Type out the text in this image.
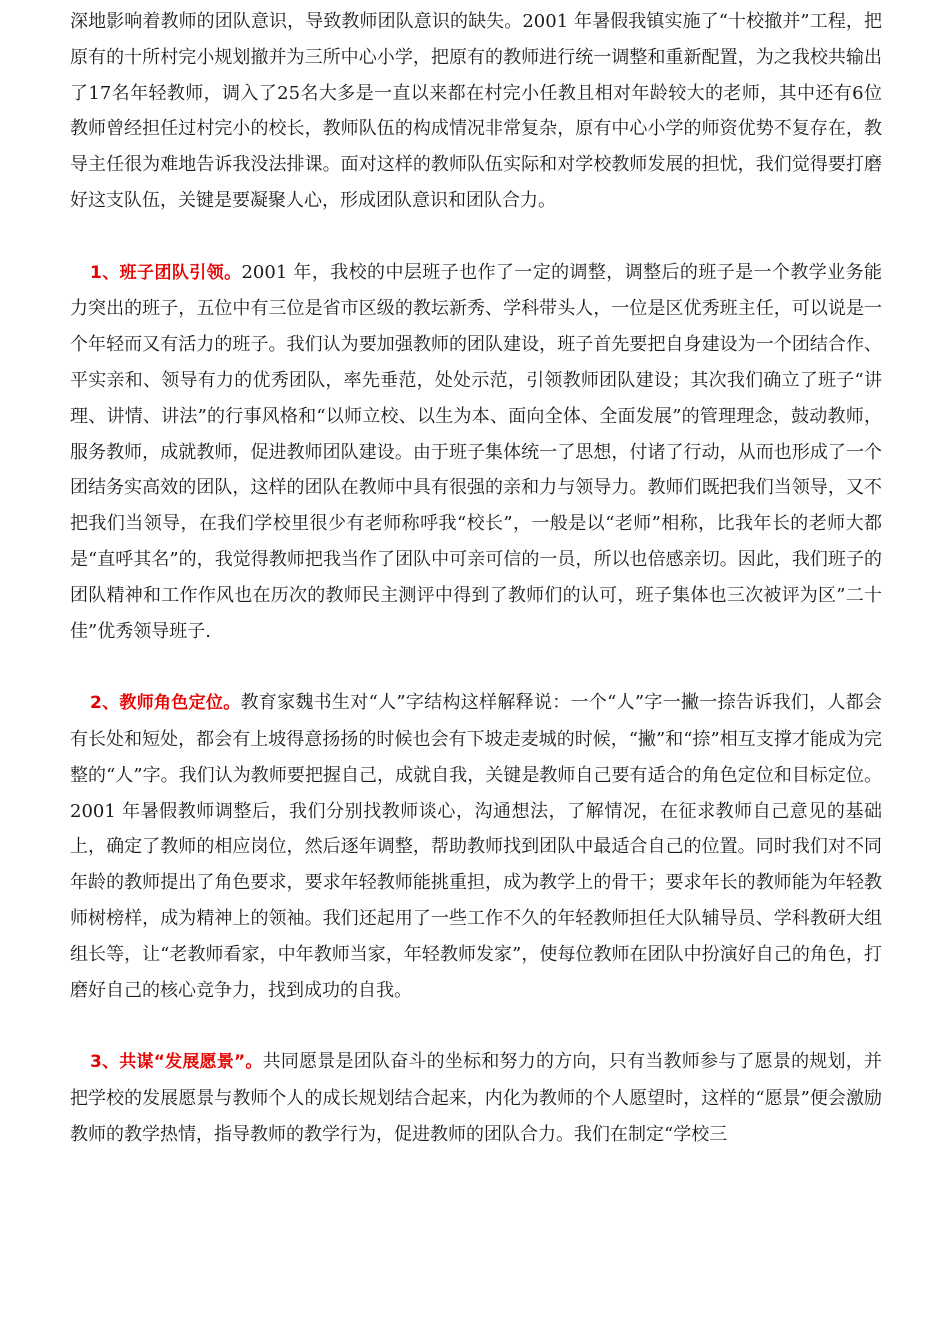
深地影响着教师的团队意识，导致教师团队意识的缺失。2001 年暑假我镇实施了“十校撤并”工程，把原有的十所村完小规划撤并为三所中心小学，把原有的教师进行统一调整和重新配置，为之我校共输出了17名年轻教师，调入了25名大多是一直以来都在村完小任教且相对年龄较大的老师，其中还有6位教师曾经担任过村完小的校长，教师队伍的构成情况非常复杂，原有中心小学的师资优势不复存在，教导主任很为难地告诉我没法排课。面对这样的教师队伍实际和对学校教师发展的担忧，我们觉得要打磨好这支队伍，关键是要凝聚人心，形成团队意识和团队合力。

1、班子团队引领。2001 年，我校的中层班子也作了一定的调整，调整后的班子是一个教学业务能力突出的班子，五位中有三位是省市区级的教坛新秀、学科带头人，一位是区优秀班主任，可以说是一个年轻而又有活力的班子。我们认为要加强教师的团队建设，班子首先要把自身建设为一个团结合作、平实亲和、领导有力的优秀团队，率先垂范，处处示范，引领教师团队建设；其次我们确立了班子“讲理、讲情、讲法”的行事风格和“以师立校、以生为本、面向全体、全面发展”的管理理念，鼓动教师，服务教师，成就教师，促进教师团队建设。由于班子集体统一了思想，付诸了行动，从而也形成了一个团结务实高效的团队，这样的团队在教师中具有很强的亲和力与领导力。教师们既把我们当领导，又不把我们当领导，在我们学校里很少有老师称呼我“校长”，一般是以“老师”相称，比我年长的老师大都是“直呼其名”的，我觉得教师把我当作了团队中可亲可信的一员，所以也倍感亲切。因此，我们班子的团队精神和工作作风也在历次的教师民主测评中得到了教师们的认可，班子集体也三次被评为区”二十佳”优秀领导班子.

2、教师角色定位。教育家魏书生对“人”字结构这样解释说：一个“人”字一撇一捺告诉我们，人都会有长处和短处，都会有上坡得意扬扬的时候也会有下坡走麦城的时候，“撇”和“捺”相互支撑才能成为完整的“人”字。我们认为教师要把握自己，成就自我，关键是教师自己要有适合的角色定位和目标定位。2001 年暑假教师调整后，我们分别找教师谈心，沟通想法，了解情况，在征求教师自己意见的基础上，确定了教师的相应岗位，然后逐年调整，帮助教师找到团队中最适合自己的位置。同时我们对不同年龄的教师提出了角色要求，要求年轻教师能挑重担，成为教学上的骨干；要求年长的教师能为年轻教师树榜样，成为精神上的领袖。我们还起用了一些工作不久的年轻教师担任大队辅导员、学科教研大组组长等，让“老教师看家，中年教师当家，年轻教师发家”，使每位教师在团队中扮演好自己的角色，打磨好自己的核心竞争力，找到成功的自我。

3、共谋“发展愿景”。共同愿景是团队奋斗的坐标和努力的方向，只有当教师参与了愿景的规划，并把学校的发展愿景与教师个人的成长规划结合起来，内化为教师的个人愿望时，这样的“愿景”便会激励教师的教学热情，指导教师的教学行为，促进教师的团队合力。我们在制定“学校三
